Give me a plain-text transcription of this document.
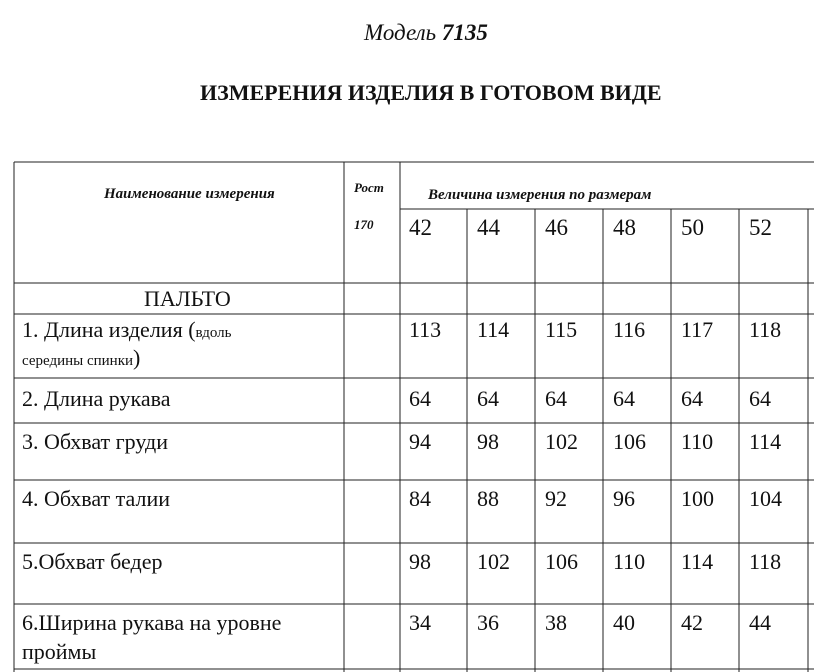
Модель 7135
ИЗМЕРЕНИЯ ИЗДЕЛИЯ В ГОТОВОМ ВИДЕ
Наименование измерения	Рост
170
Величина измерения по размерам
42 44 46 48 50 52
ПАЛЬТО
1. Длина изделия (вдоль
середины спинки)
113 114 115 116 117 118
2. Длина рукава	64 64 64 64 64 64
3. Обхват груди	94 98 102 106 110 114
4. Обхват талии	84 88 92 96 100 104
5.Обхват бедер	98 102 106 110 114 118
6.Ширина рукава на уровне
проймы
34 36 38 40 42 44
